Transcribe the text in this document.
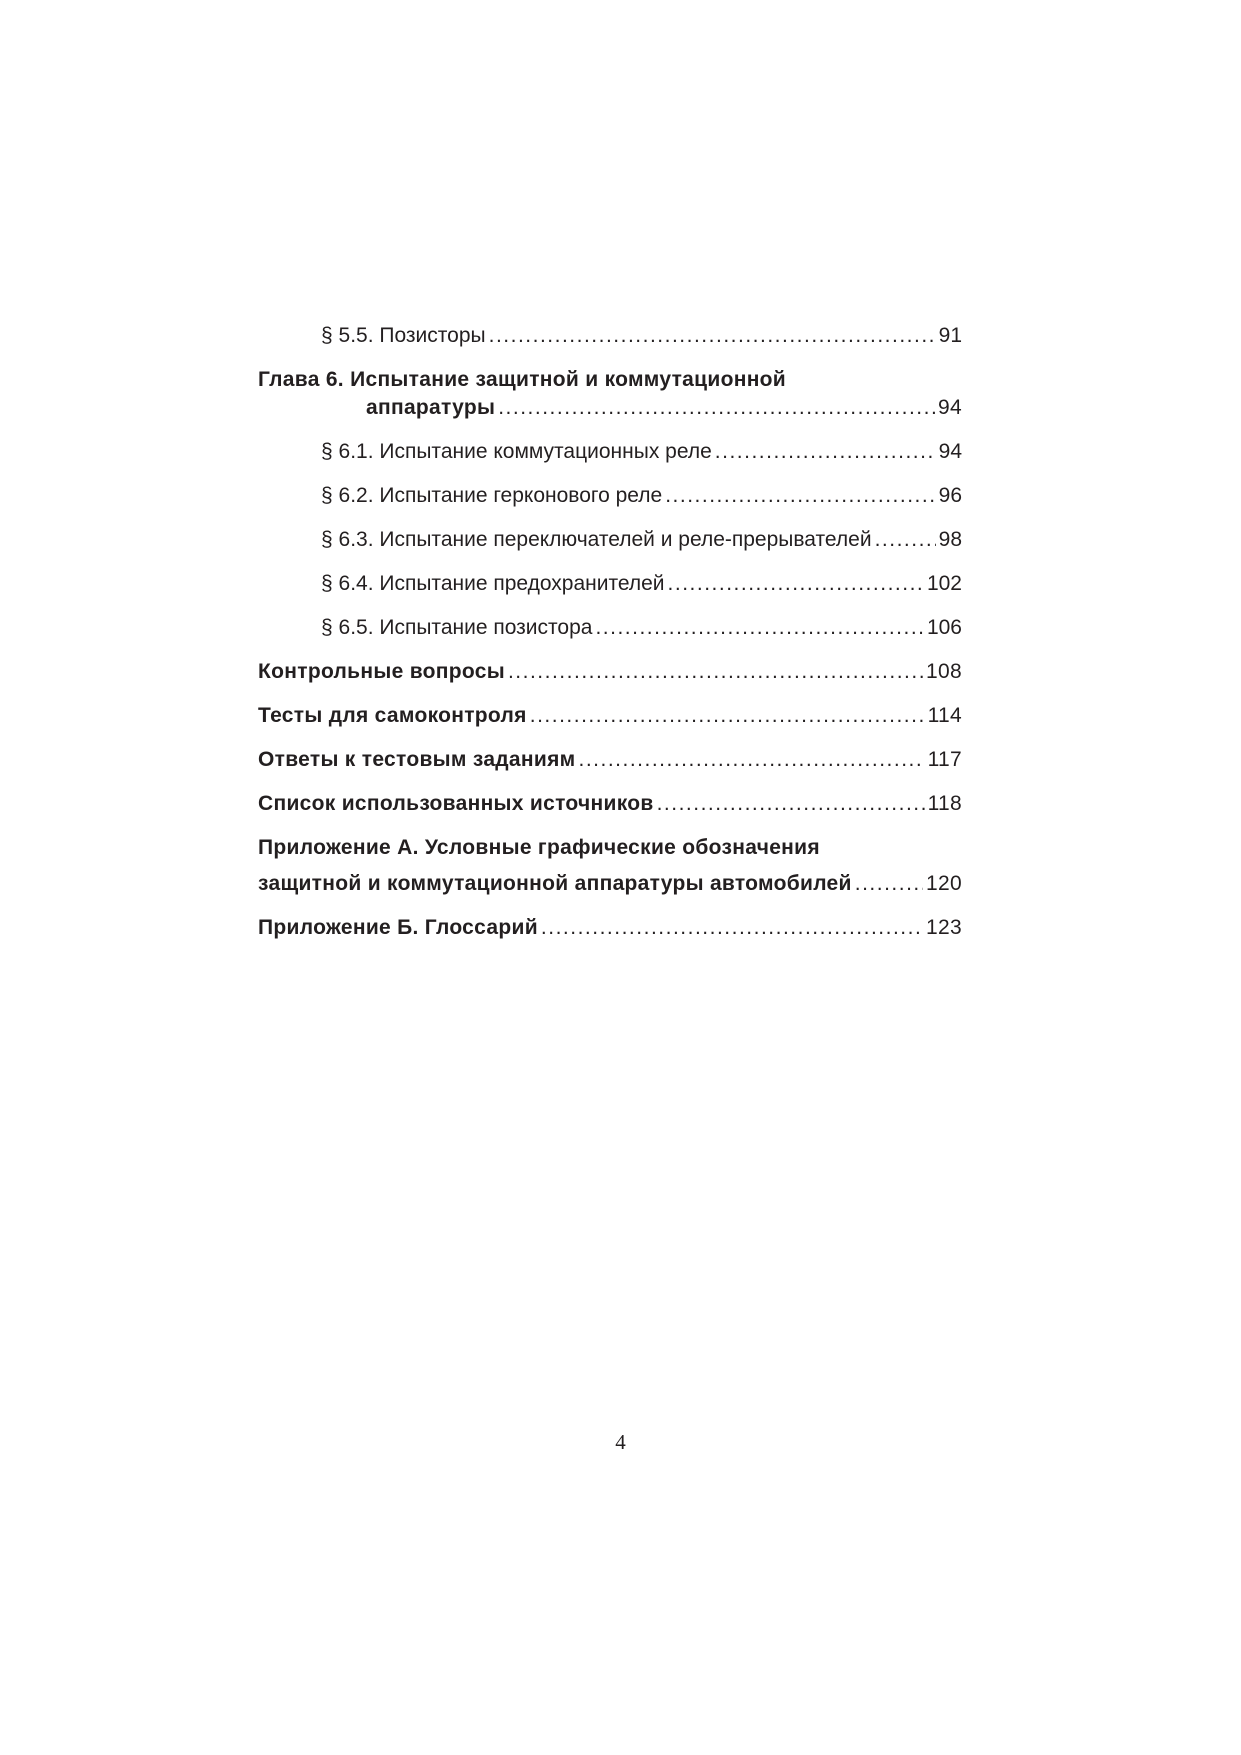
§ 5.5. Позисторы .....	91
Глава 6. Испытание защитной и коммутационной
аппаратуры .....	94
§ 6.1. Испытание коммутационных реле .....	94
§ 6.2. Испытание герконового реле .....	96
§ 6.3. Испытание переключателей и реле-прерывателей .....	98
§ 6.4. Испытание предохранителей .....	102
§ 6.5. Испытание позистора .....	106
Контрольные вопросы .....	108
Тесты для самоконтроля .....	114
Ответы к тестовым заданиям .....	117
Список использованных источников .....	118
Приложение А. Условные графические обозначения
защитной и коммутационной аппаратуры автомобилей .....	120
Приложение Б. Глоссарий .....	123
4
